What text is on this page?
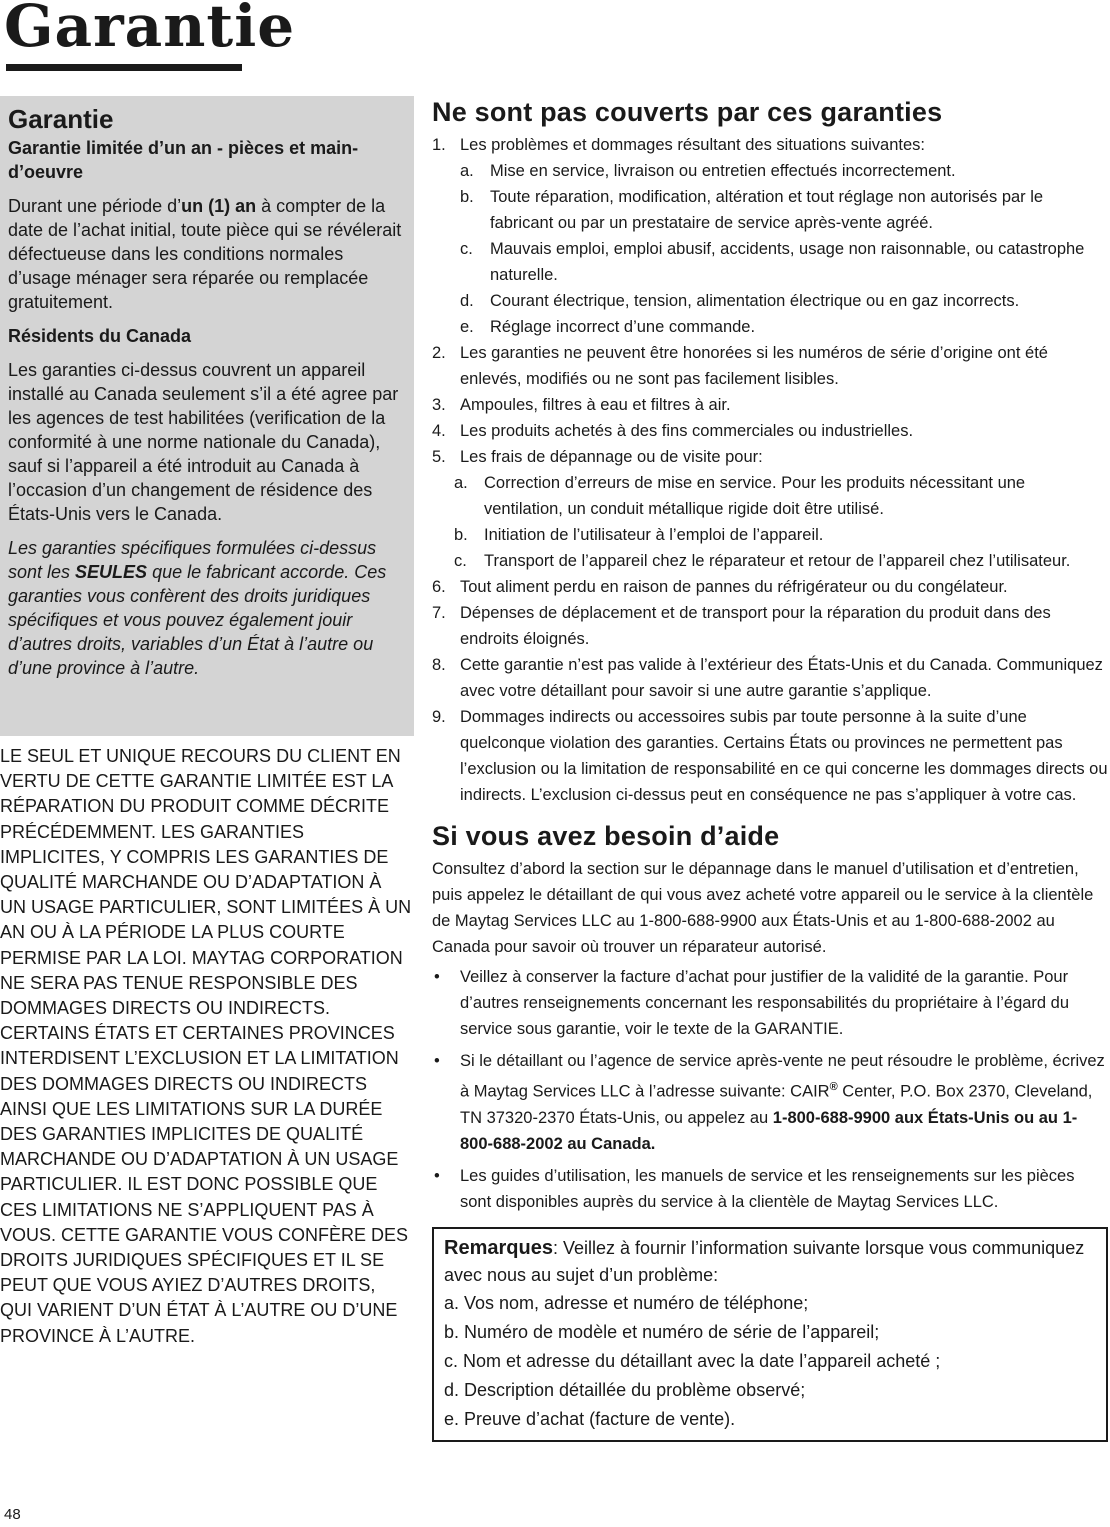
Garantie
Garantie
Garantie limitée d’un an - pièces et main-d’oeuvre

Durant une période d’un (1) an à compter de la date de l’achat initial, toute pièce qui se révélerait défectueuse dans les conditions normales d’usage ménager sera réparée ou remplacée gratuitement.

Résidents du Canada

Les garanties ci-dessus couvrent un appareil installé au Canada seulement s’il a été agree par les agences de test habilitées (verification de la conformité à une norme nationale du Canada), sauf si l’appareil a été introduit au Canada à l’occasion d’un changement de résidence des États-Unis vers le Canada.

Les garanties spécifiques formulées ci-dessus sont les SEULES que le fabricant accorde. Ces garanties vous confèrent des droits juridiques spécifiques et vous pouvez également jouir d’autres droits, variables d’un État à l’autre ou d’une province à l’autre.

LE SEUL ET UNIQUE RECOURS DU CLIENT EN VERTU DE CETTE GARANTIE LIMITÉE EST LA RÉPARATION DU PRODUIT COMME DÉCRITE PRÉCÉDEMMENT. LES GARANTIES IMPLICITES, Y COMPRIS LES GARANTIES DE QUALITÉ MARCHANDE OU D’ADAPTATION À UN USAGE PARTICULIER, SONT LIMITÉES À UN AN OU À LA PÉRIODE LA PLUS COURTE PERMISE PAR LA LOI. MAYTAG CORPORATION NE SERA PAS TENUE RESPONSIBLE DES DOMMAGES DIRECTS OU INDIRECTS. CERTAINS ÉTATS ET CERTAINES PROVINCES INTERDISENT L’EXCLUSION ET LA LIMITATION DES DOMMAGES DIRECTS OU INDIRECTS AINSI QUE LES LIMITATIONS SUR LA DURÉE DES GARANTIES IMPLICITES DE QUALITÉ MARCHANDE OU D’ADAPTATION À UN USAGE PARTICULIER. IL EST DONC POSSIBLE QUE CES LIMITATIONS NE S’APPLIQUENT PAS À VOUS. CETTE GARANTIE VOUS CONFÈRE DES DROITS JURIDIQUES SPÉCIFIQUES ET IL SE PEUT QUE VOUS AYIEZ D’AUTRES DROITS, QUI VARIENT D’UN ÉTAT À L’AUTRE OU D’UNE PROVINCE À L’AUTRE.

Ne sont pas couverts par ces garanties
1. Les problèmes et dommages résultant des situations suivantes:
a. Mise en service, livraison ou entretien effectués incorrectement.
b. Toute réparation, modification, altération et tout réglage non autorisés par le fabricant ou par un prestataire de service après-vente agréé.
c. Mauvais emploi, emploi abusif, accidents, usage non raisonnable, ou catastrophe naturelle.
d. Courant électrique, tension, alimentation électrique ou en gaz incorrects.
e. Réglage incorrect d’une commande.
2. Les garanties ne peuvent être honorées si les numéros de série d’origine ont été enlevés, modifiés ou ne sont pas facilement lisibles.
3. Ampoules, filtres à eau et filtres à air.
4. Les produits achetés à des fins commerciales ou industrielles.
5. Les frais de dépannage ou de visite pour:
a. Correction d’erreurs de mise en service. Pour les produits nécessitant une ventilation, un conduit métallique rigide doit être utilisé.
b. Initiation de l’utilisateur à l’emploi de l’appareil.
c. Transport de l’appareil chez le réparateur et retour de l’appareil chez l’utilisateur.
6. Tout aliment perdu en raison de pannes du réfrigérateur ou du congélateur.
7. Dépenses de déplacement et de transport pour la réparation du produit dans des endroits éloignés.
8. Cette garantie n’est pas valide à l’extérieur des États-Unis et du Canada. Communiquez avec votre détaillant pour savoir si une autre garantie s’applique.
9. Dommages indirects ou accessoires subis par toute personne à la suite d’une quelconque violation des garanties. Certains États ou provinces ne permettent pas l’exclusion ou la limitation de responsabilité en ce qui concerne les dommages directs ou indirects. L’exclusion ci-dessus peut en conséquence ne pas s’appliquer à votre cas.
Si vous avez besoin d’aide

Consultez d’abord la section sur le dépannage dans le manuel d’utilisation et d’entretien, puis appelez le détaillant de qui vous avez acheté votre appareil ou le service à la clientèle de Maytag Services LLC au 1-800-688-9900 aux États-Unis et au 1-800-688-2002 au Canada pour savoir où trouver un réparateur autorisé.

• Veillez à conserver la facture d’achat pour justifier de la validité de la garantie. Pour d’autres renseignements concernant les responsabilités du propriétaire à l’égard du service sous garantie, voir le texte de la GARANTIE.
• Si le détaillant ou l’agence de service après-vente ne peut résoudre le problème, écrivez à Maytag Services LLC à l’adresse suivante: CAIR® Center, P.O. Box 2370, Cleveland, TN 37320-2370 États-Unis, ou appelez au 1-800-688-9900 aux États-Unis ou au 1-800-688-2002 au Canada.
• Les guides d’utilisation, les manuels de service et les renseignements sur les pièces sont disponibles auprès du service à la clientèle de Maytag Services LLC.

Remarques: Veillez à fournir l’information suivante lorsque vous communiquez avec nous au sujet d’un problème:

a. Vos nom, adresse et numéro de téléphone;

b. Numéro de modèle et numéro de série de l’appareil;

c. Nom et adresse du détaillant avec la date l’appareil acheté ;

d. Description détaillée du problème observé;

e. Preuve d’achat (facture de vente).

48
